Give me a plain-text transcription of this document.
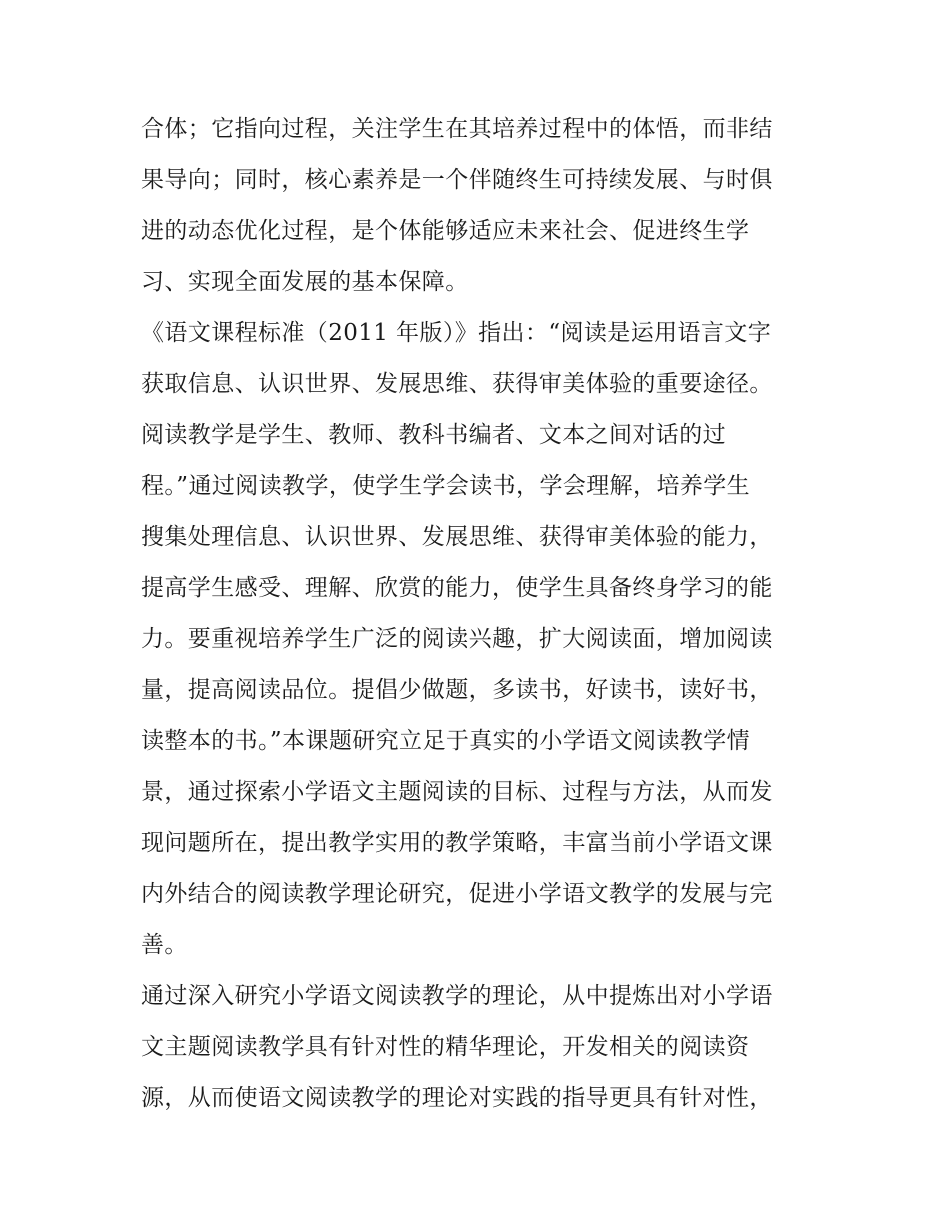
合体；它指向过程，关注学生在其培养过程中的体悟，而非结
果导向；同时，核心素养是一个伴随终生可持续发展、与时俱
进的动态优化过程，是个体能够适应未来社会、促进终生学
习、实现全面发展的基本保障。
《语文课程标准（2011 年版）》指出：“阅读是运用语言文字
获取信息、认识世界、发展思维、获得审美体验的重要途径。
阅读教学是学生、教师、教科书编者、文本之间对话的过
程。”通过阅读教学，使学生学会读书，学会理解，培养学生
搜集处理信息、认识世界、发展思维、获得审美体验的能力，
提高学生感受、理解、欣赏的能力，使学生具备终身学习的能
力。要重视培养学生广泛的阅读兴趣，扩大阅读面，增加阅读
量，提高阅读品位。提倡少做题，多读书，好读书，读好书，
读整本的书。”本课题研究立足于真实的小学语文阅读教学情
景，通过探索小学语文主题阅读的目标、过程与方法，从而发
现问题所在，提出教学实用的教学策略，丰富当前小学语文课
内外结合的阅读教学理论研究，促进小学语文教学的发展与完
善。
通过深入研究小学语文阅读教学的理论，从中提炼出对小学语
文主题阅读教学具有针对性的精华理论，开发相关的阅读资
源，从而使语文阅读教学的理论对实践的指导更具有针对性，
